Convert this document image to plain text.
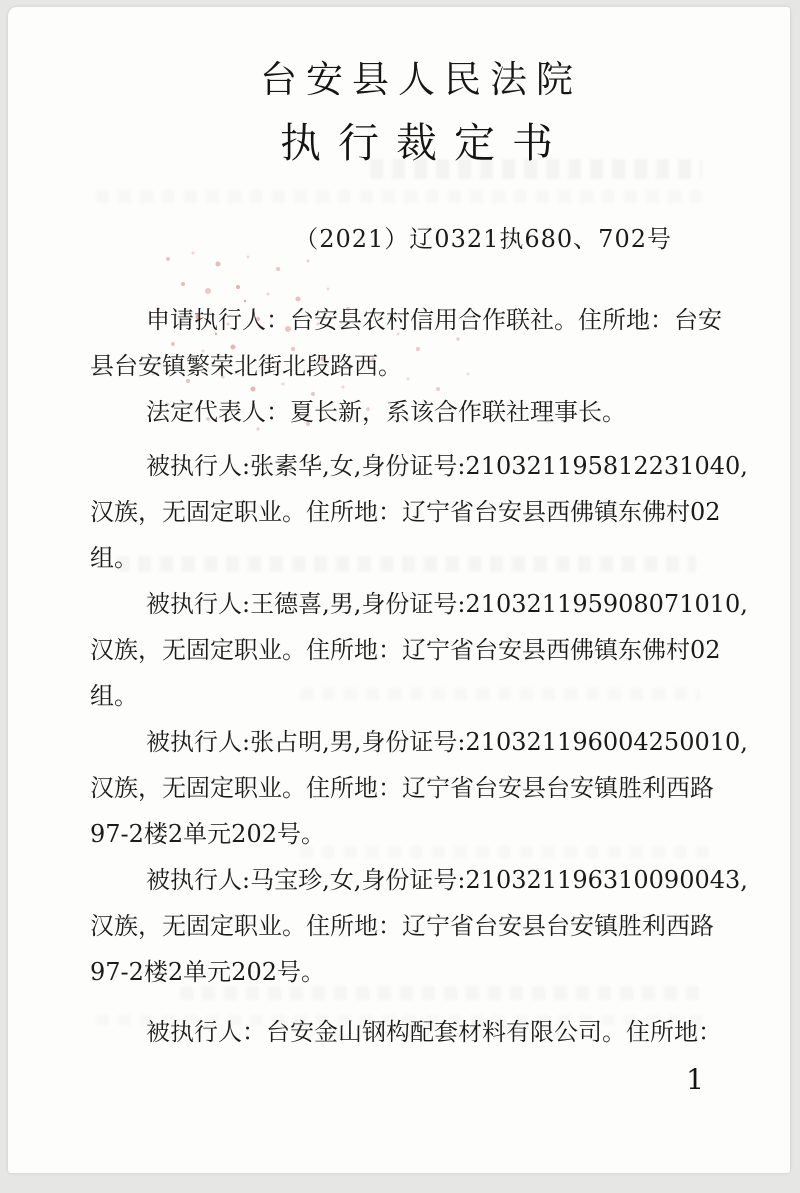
台安县人民法院
执行裁定书
（2021）辽0321执680、702号

申请执行人：台安县农村信用合作联社。住所地：台安
县台安镇繁荣北街北段路西。

法定代表人：夏长新，系该合作联社理事长。

被执行人:张素华,女,身份证号:210321195812231040,
汉族，无固定职业。住所地：辽宁省台安县西佛镇东佛村02
组。

被执行人:王德喜,男,身份证号:210321195908071010,
汉族，无固定职业。住所地：辽宁省台安县西佛镇东佛村02
组。

被执行人:张占明,男,身份证号:210321196004250010,
汉族，无固定职业。住所地：辽宁省台安县台安镇胜利西路
97-2楼2单元202号。

被执行人:马宝珍,女,身份证号:210321196310090043,
汉族，无固定职业。住所地：辽宁省台安县台安镇胜利西路
97-2楼2单元202号。

被执行人：台安金山钢构配套材料有限公司。住所地：

1
